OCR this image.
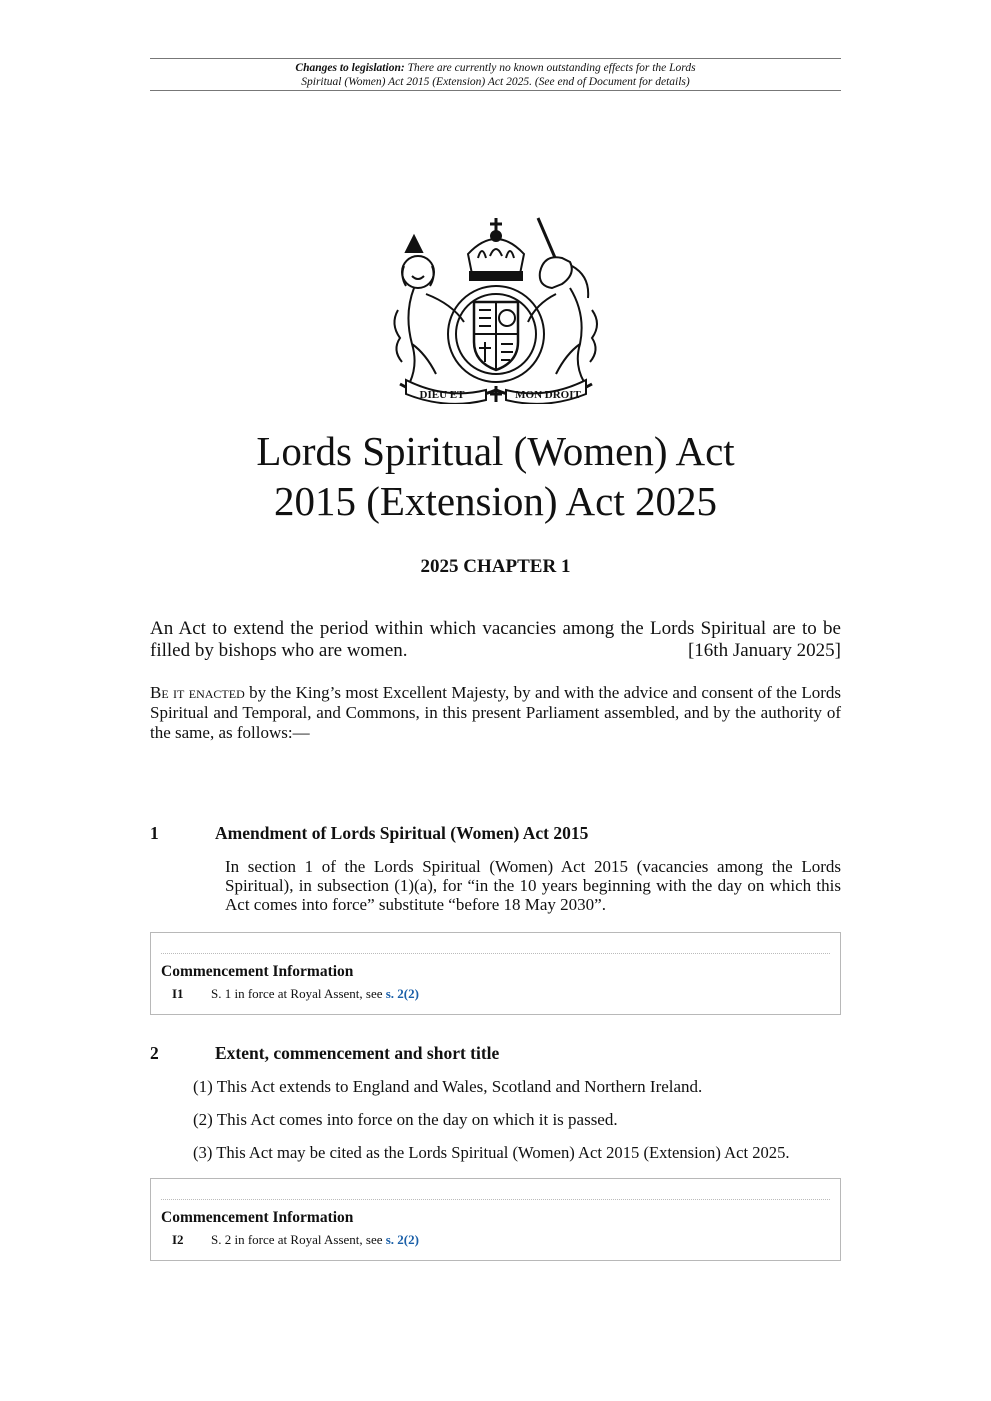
Changes to legislation: There are currently no known outstanding effects for the Lords
Spiritual (Women) Act 2015 (Extension) Act 2025. (See end of Document for details)
DIEU ET	MON DROIT
Lords Spiritual (Women) Act
2015 (Extension) Act 2025
2025 CHAPTER 1
An Act to extend the period within which vacancies among the Lords Spiritual are to be filled by bishops who are women.	[16th January 2025]
Be it enacted by the King’s most Excellent Majesty, by and with the advice and consent of the Lords Spiritual and Temporal, and Commons, in this present Parliament assembled, and by the authority of the same, as follows:—
1	Amendment of Lords Spiritual (Women) Act 2015
In section 1 of the Lords Spiritual (Women) Act 2015 (vacancies among the Lords Spiritual), in subsection (1)(a), for “in the 10 years beginning with the day on which this Act comes into force” substitute “before 18 May 2030”.
Commencement Information
I1 S. 1 in force at Royal Assent, see s. 2(2)
2	Extent, commencement and short title
(1) This Act extends to England and Wales, Scotland and Northern Ireland.
(2) This Act comes into force on the day on which it is passed.
(3) This Act may be cited as the Lords Spiritual (Women) Act 2015 (Extension) Act 2025.
Commencement Information
I2 S. 2 in force at Royal Assent, see s. 2(2)
